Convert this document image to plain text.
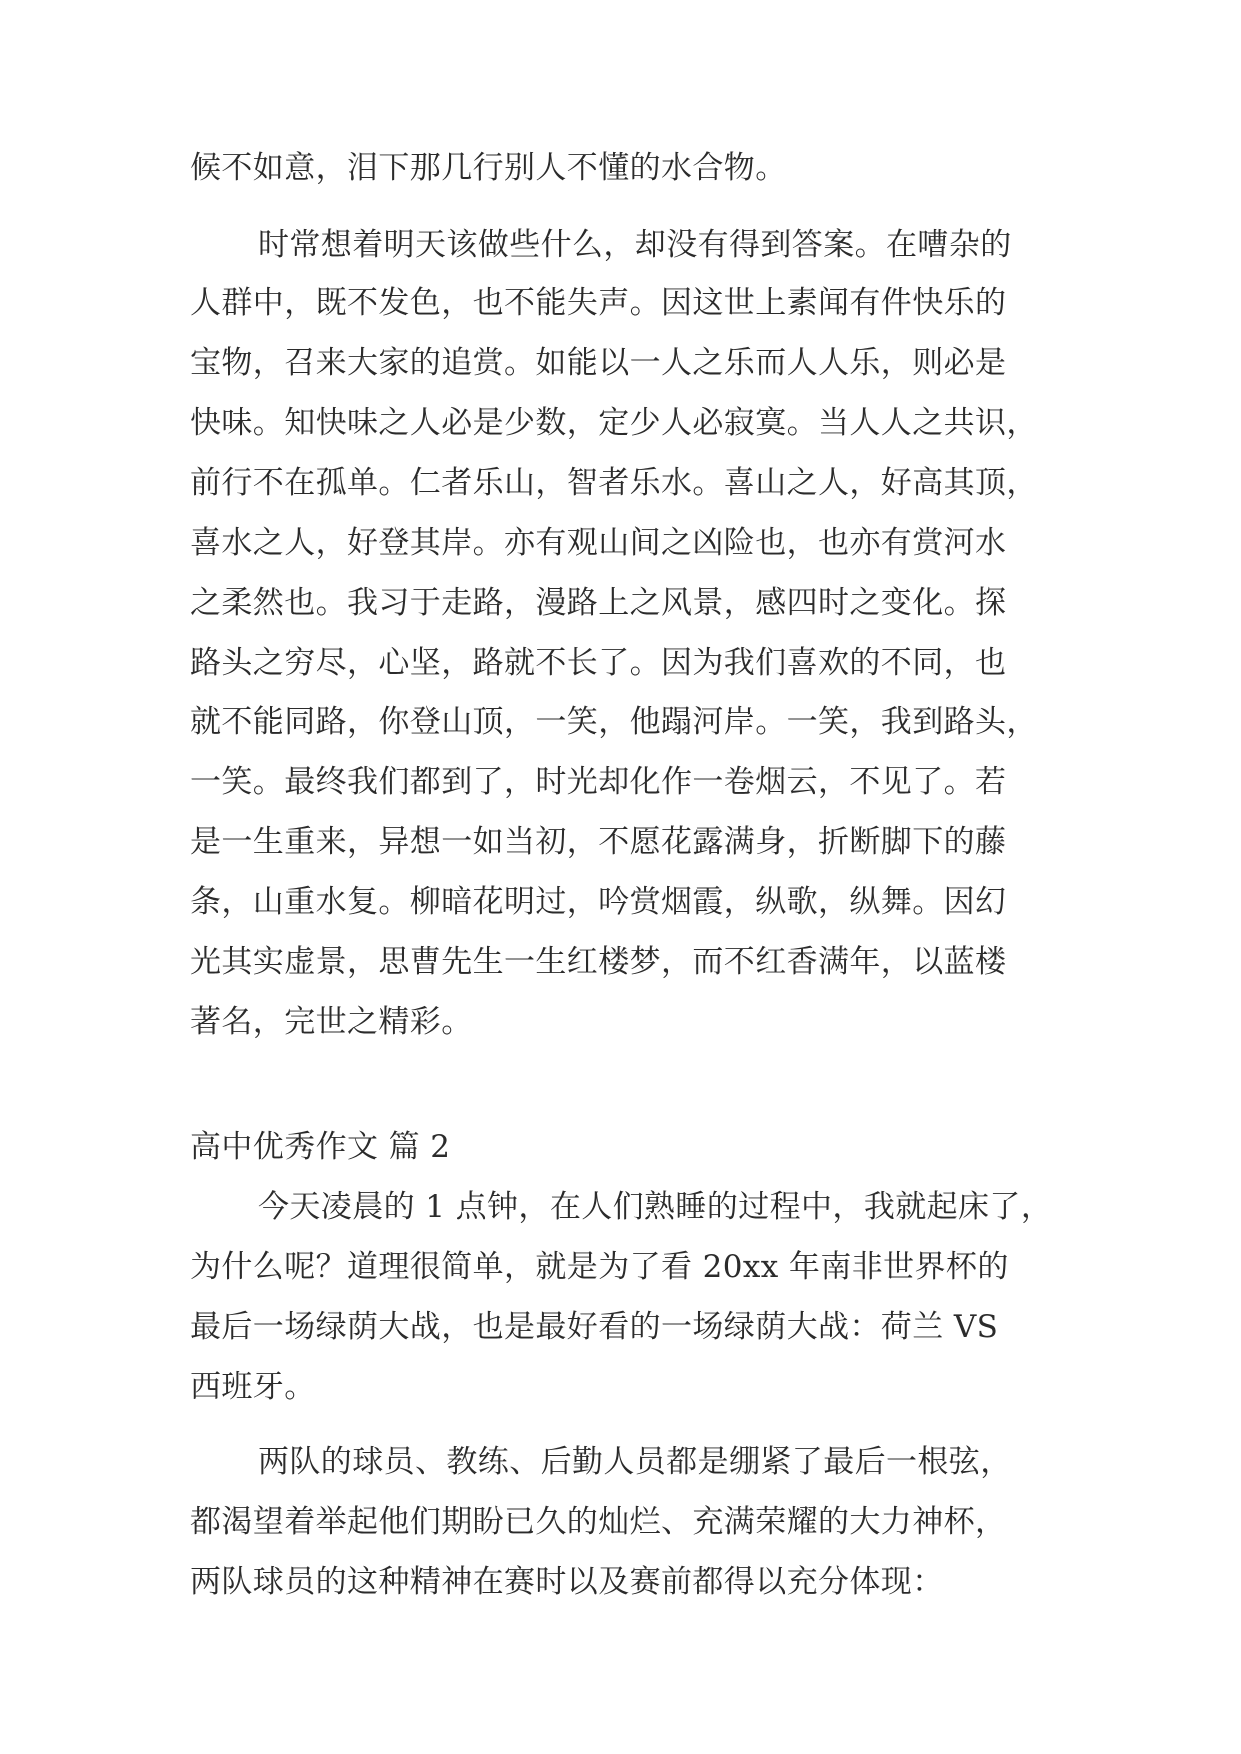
候不如意，泪下那几行别人不懂的水合物。
时常想着明天该做些什么，却没有得到答案。在嘈杂的
人群中，既不发色，也不能失声。因这世上素闻有件快乐的
宝物，召来大家的追赏。如能以一人之乐而人人乐，则必是
快味。知快味之人必是少数，定少人必寂寞。当人人之共识，
前行不在孤单。仁者乐山，智者乐水。喜山之人，好高其顶，
喜水之人，好登其岸。亦有观山间之凶险也，也亦有赏河水
之柔然也。我习于走路，漫路上之风景，感四时之变化。探
路头之穷尽，心坚，路就不长了。因为我们喜欢的不同，也
就不能同路，你登山顶，一笑，他蹋河岸。一笑，我到路头，
一笑。最终我们都到了，时光却化作一卷烟云，不见了。若
是一生重来，异想一如当初，不愿花露满身，折断脚下的藤
条，山重水复。柳暗花明过，吟赏烟霞，纵歌，纵舞。因幻
光其实虚景，思曹先生一生红楼梦，而不红香满年，以蓝楼
著名，完世之精彩。
高中优秀作文 篇 2
今天凌晨的 1 点钟，在人们熟睡的过程中，我就起床了，
为什么呢？道理很简单，就是为了看 20xx 年南非世界杯的
最后一场绿荫大战，也是最好看的一场绿荫大战：荷兰 VS
西班牙。
两队的球员、教练、后勤人员都是绷紧了最后一根弦，
都渴望着举起他们期盼已久的灿烂、充满荣耀的大力神杯，
两队球员的这种精神在赛时以及赛前都得以充分体现：
